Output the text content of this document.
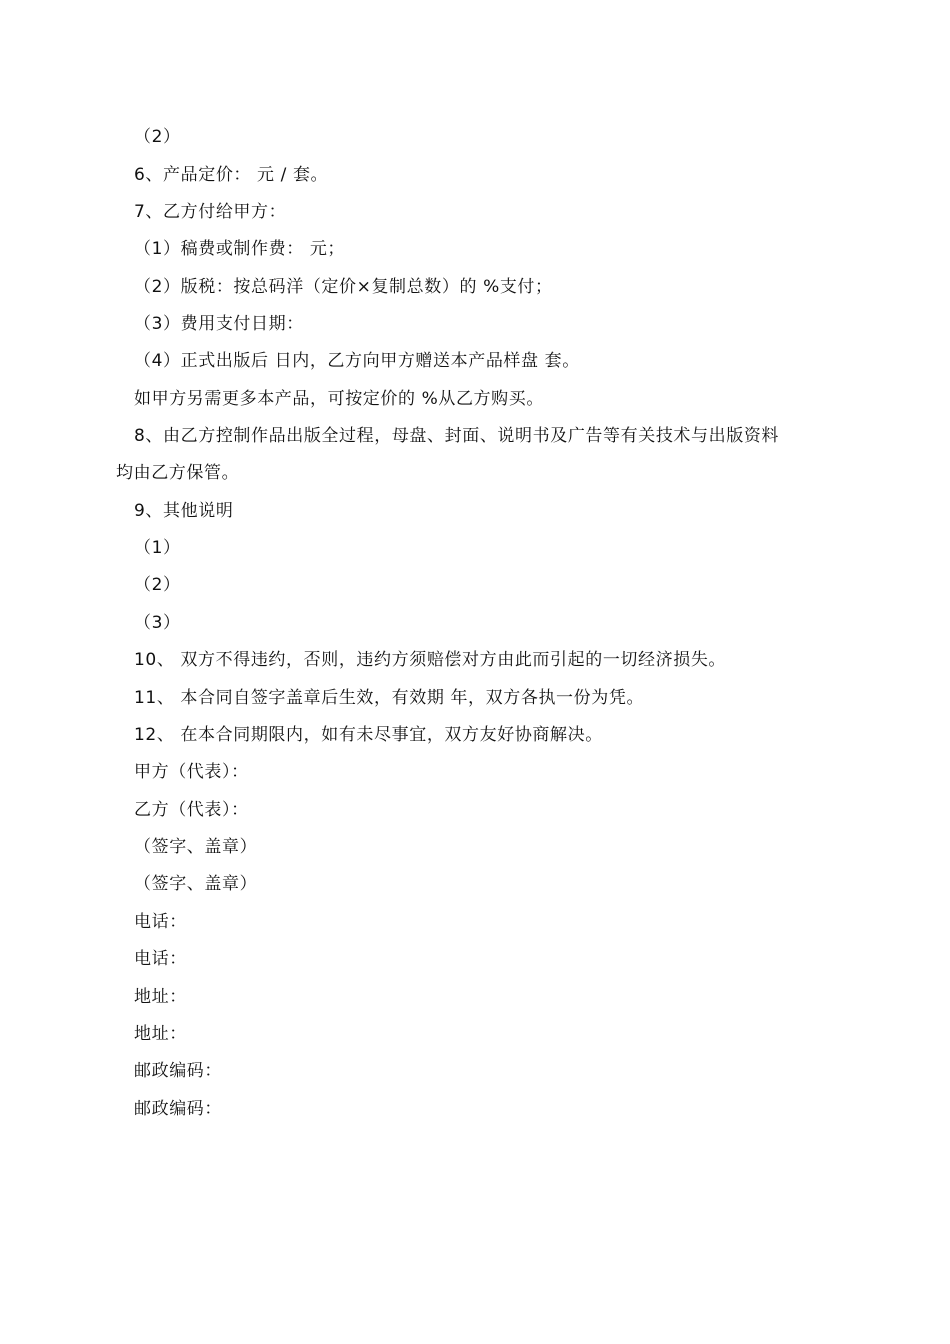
（2）
6、产品定价： 元 / 套。
7、乙方付给甲方：
（1）稿费或制作费： 元；
（2）版税：按总码洋（定价×复制总数）的 %支付；
（3）费用支付日期：
（4）正式出版后 日内，乙方向甲方赠送本产品样盘 套。
如甲方另需更多本产品，可按定价的 %从乙方购买。
8、由乙方控制作品出版全过程，母盘、封面、说明书及广告等有关技术与出版资料
均由乙方保管。
9、其他说明
（1）
（2）
（3）
10、 双方不得违约，否则，违约方须赔偿对方由此而引起的一切经济损失。
11、 本合同自签字盖章后生效，有效期 年，双方各执一份为凭。
12、 在本合同期限内，如有未尽事宜，双方友好协商解决。
甲方（代表）：
乙方（代表）：
（签字、盖章）
（签字、盖章）
电话：
电话：
地址：
地址：
邮政编码：
邮政编码：
